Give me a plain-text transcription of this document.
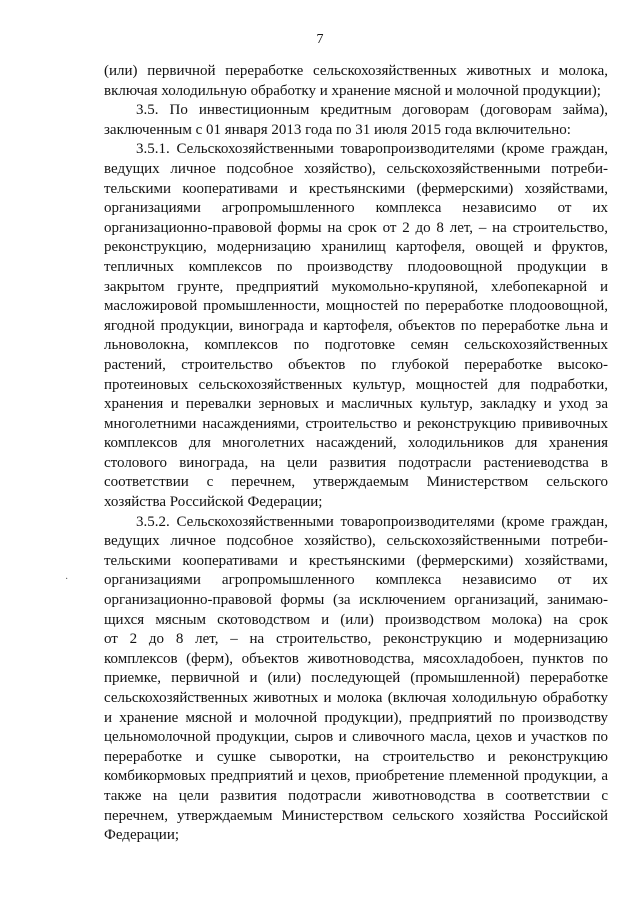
7
(или) первичной переработке сельскохозяйственных животных и молока,
включая холодильную обработку и хранение мясной и молочной продукции);
3.5. По инвестиционным кредитным договорам (договорам займа),
заключенным с 01 января 2013 года по 31 июля 2015 года включительно:
3.5.1. Сельскохозяйственными товаропроизводителями (кроме граждан,
ведущих личное подсобное хозяйство), сельскохозяйственными потреби-
тельскими кооперативами и крестьянскими (фермерскими) хозяйствами,
организациями агропромышленного комплекса независимо от их
организационно-правовой формы на срок от 2 до 8 лет, – на строительство,
реконструкцию, модернизацию хранилищ картофеля, овощей и фруктов,
тепличных комплексов по производству плодоовощной продукции в
закрытом грунте, предприятий мукомольно-крупяной, хлебопекарной и
масложировой промышленности, мощностей по переработке плодоовощной,
ягодной продукции, винограда и картофеля, объектов по переработке льна и
льноволокна, комплексов по подготовке семян сельскохозяйственных
растений, строительство объектов по глубокой переработке высоко-
протеиновых сельскохозяйственных культур, мощностей для подработки,
хранения и перевалки зерновых и масличных культур, закладку и уход за
многолетними насаждениями, строительство и реконструкцию прививочных
комплексов для многолетних насаждений, холодильников для хранения
столового винограда, на цели развития подотрасли растениеводства в
соответствии с перечнем, утверждаемым Министерством сельского
хозяйства Российской Федерации;
3.5.2. Сельскохозяйственными товаропроизводителями (кроме граждан,
ведущих личное подсобное хозяйство), сельскохозяйственными потреби-
тельскими кооперативами и крестьянскими (фермерскими) хозяйствами,
организациями агропромышленного комплекса независимо от их
организационно-правовой формы (за исключением организаций, занимаю-
щихся мясным скотоводством и (или) производством молока) на срок
от 2 до 8 лет, – на строительство, реконструкцию и модернизацию
комплексов (ферм), объектов животноводства, мясохладобоен, пунктов по
приемке, первичной и (или) последующей (промышленной) переработке
сельскохозяйственных животных и молока (включая холодильную обработку
и хранение мясной и молочной продукции), предприятий по производству
цельномолочной продукции, сыров и сливочного масла, цехов и участков по
переработке и сушке сыворотки, на строительство и реконструкцию
комбикормовых предприятий и цехов, приобретение племенной продукции, а
также на цели развития подотрасли животноводства в соответствии с
перечнем, утверждаемым Министерством сельского хозяйства Российской
Федерации;
·
